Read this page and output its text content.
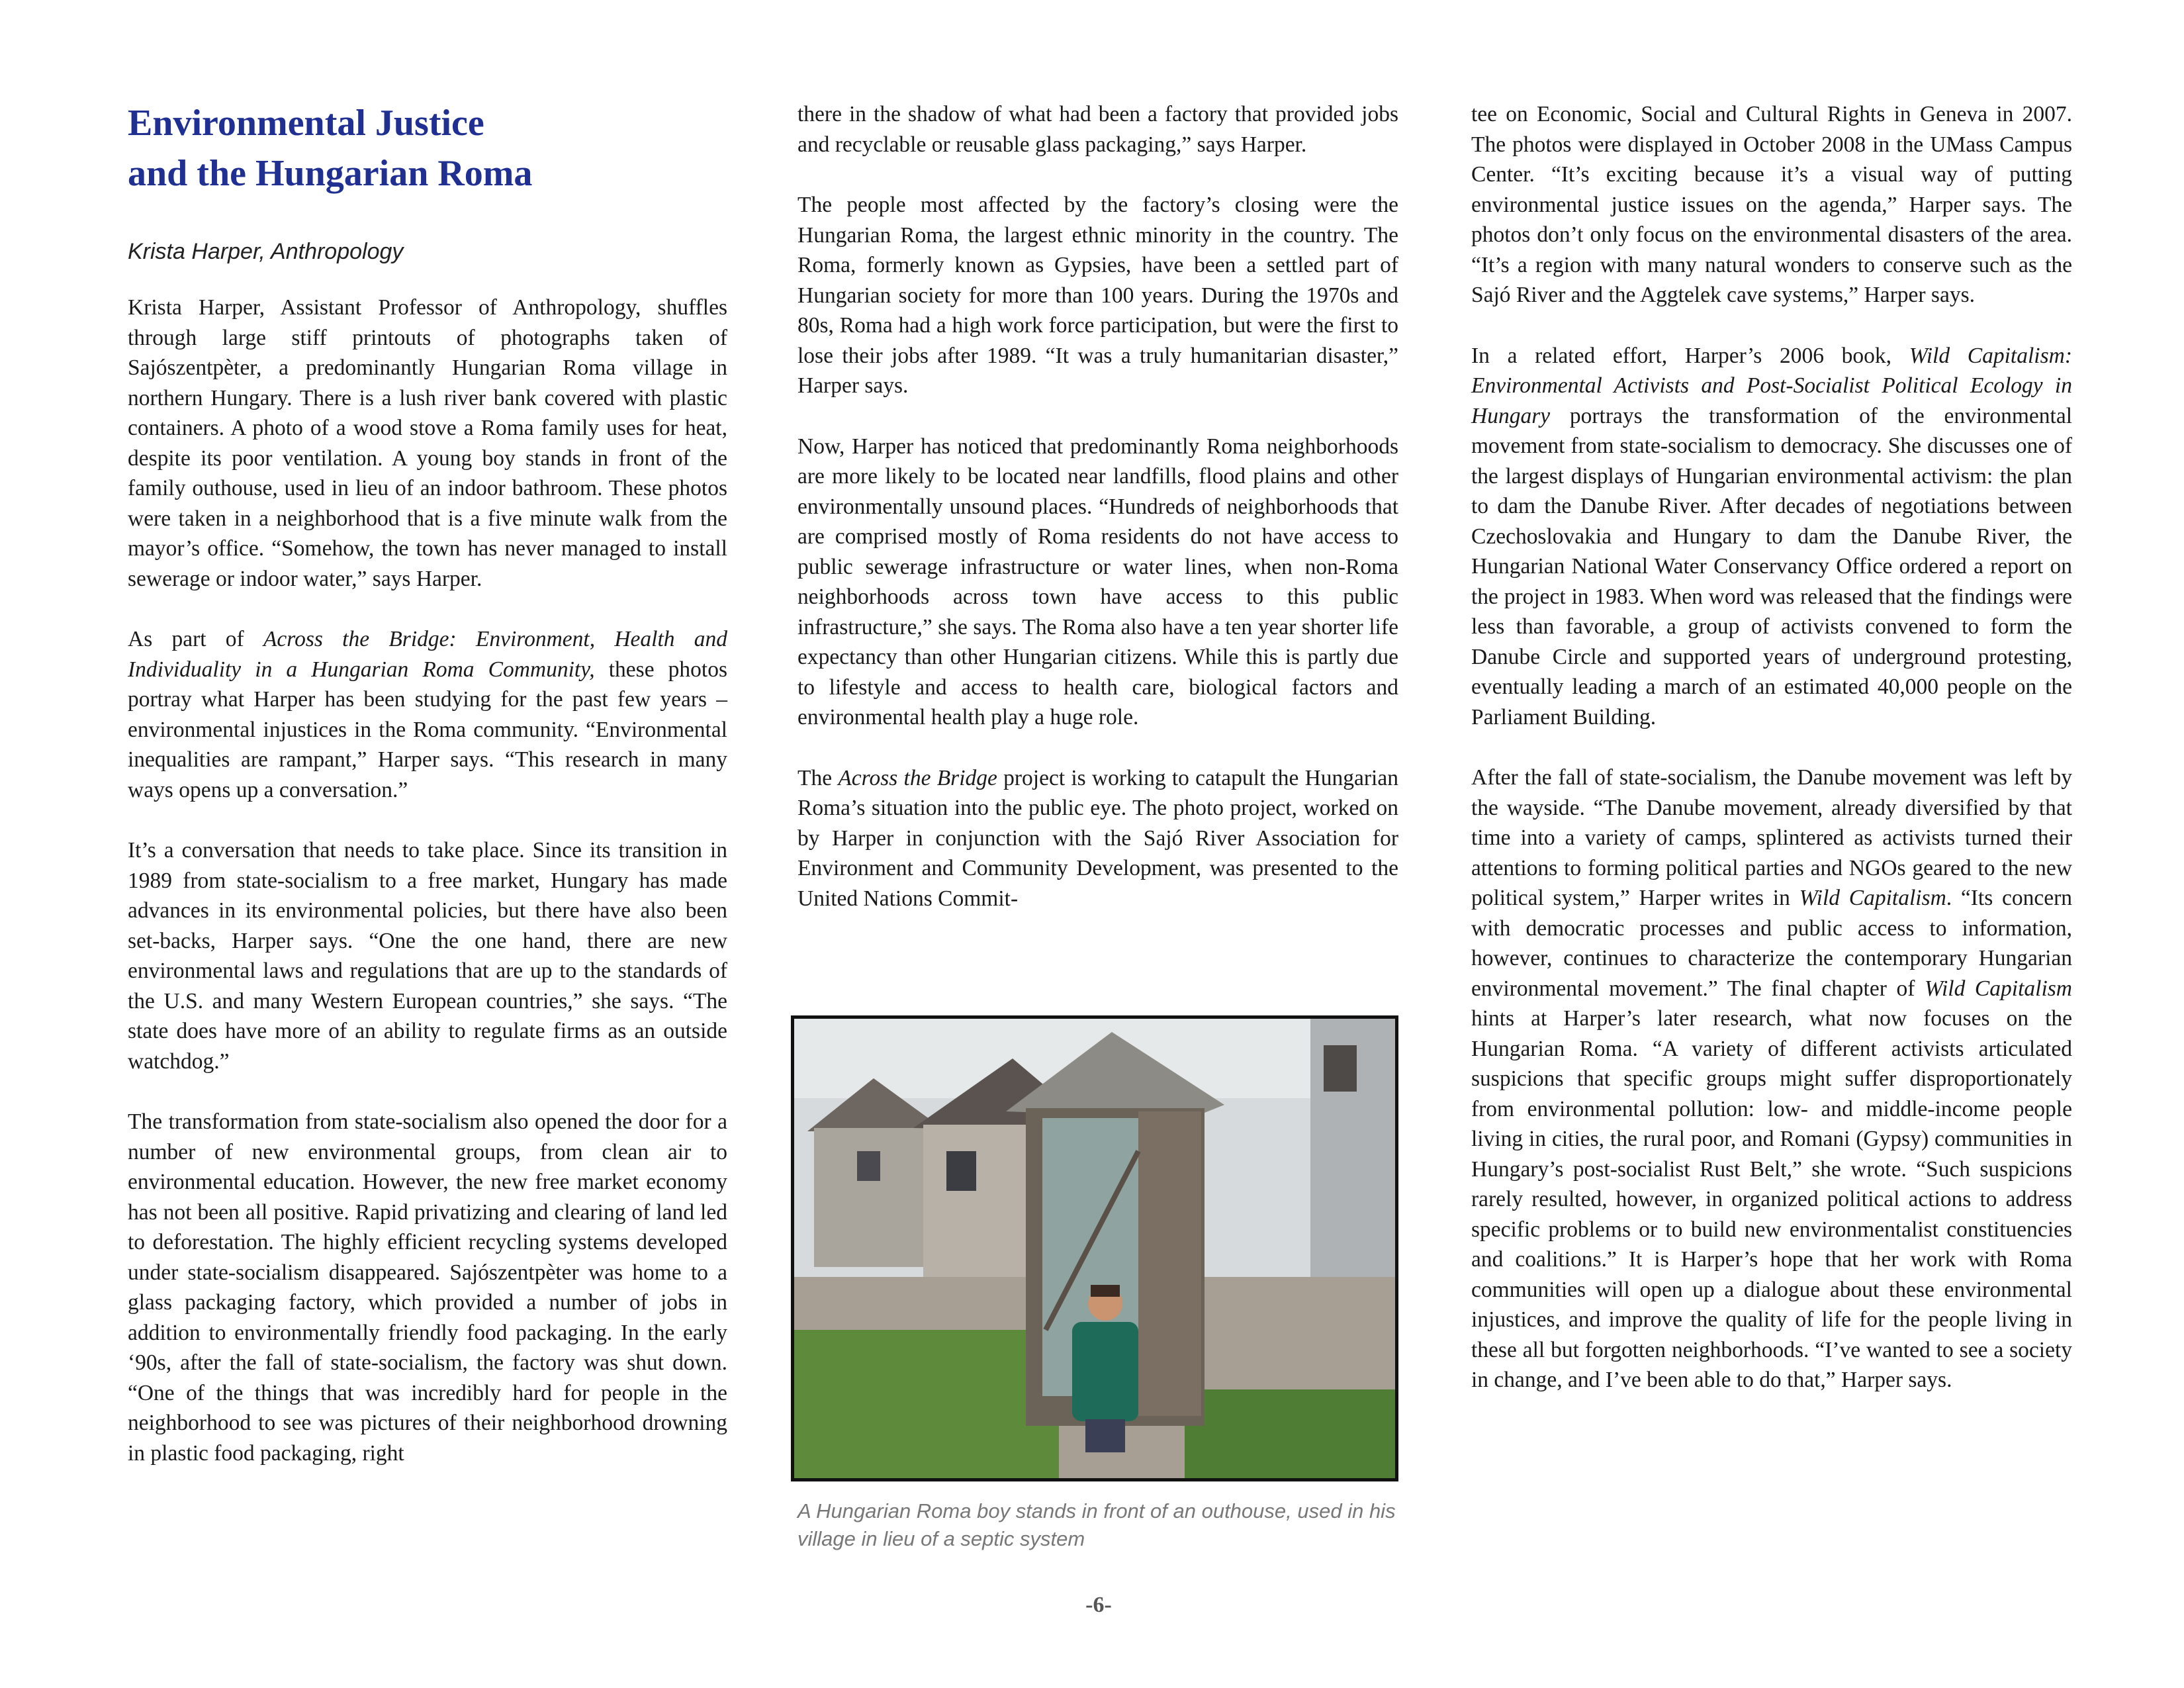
Environmental Justice
and the Hungarian Roma
Krista Harper, Anthropology

Krista Harper, Assistant Professor of Anthropology, shuffles through large stiff printouts of photographs taken of Sajószentpèter, a predominantly Hungarian Roma village in northern Hungary. There is a lush river bank covered with plastic containers. A photo of a wood stove a Roma family uses for heat, despite its poor ventilation. A young boy stands in front of the family outhouse, used in lieu of an indoor bathroom. These photos were taken in a neighborhood that is a five minute walk from the mayor’s office. “Somehow, the town has never managed to install sewerage or indoor water,” says Harper.

As part of Across the Bridge: Environment, Health and Individuality in a Hungarian Roma Community, these photos portray what Harper has been studying for the past few years – environmental injustices in the Roma community. “Environmental inequalities are rampant,” Harper says. “This research in many ways opens up a conversation.”

It’s a conversation that needs to take place. Since its transition in 1989 from state-socialism to a free market, Hungary has made advances in its environmental policies, but there have also been set-backs, Harper says. “One the one hand, there are new environmental laws and regulations that are up to the standards of the U.S. and many Western European countries,” she says. “The state does have more of an ability to regulate firms as an outside watchdog.”

The transformation from state-socialism also opened the door for a number of new environmental groups, from clean air to environmental education. However, the new free market economy has not been all positive. Rapid privatizing and clearing of land led to deforestation. The highly efficient recycling systems developed under state-socialism disappeared. Sajószentpèter was home to a glass packaging factory, which provided a number of jobs in addition to environmentally friendly food packaging. In the early ‘90s, after the fall of state-socialism, the factory was shut down. “One of the things that was incredibly hard for people in the neighborhood to see was pictures of their neighborhood drowning in plastic food packaging, right

there in the shadow of what had been a factory that provided jobs and recyclable or reusable glass packaging,” says Harper.

The people most affected by the factory’s closing were the Hungarian Roma, the largest ethnic minority in the country. The Roma, formerly known as Gypsies, have been a settled part of Hungarian society for more than 100 years. During the 1970s and 80s, Roma had a high work force participation, but were the first to lose their jobs after 1989. “It was a truly humanitarian disaster,” Harper says.

Now, Harper has noticed that predominantly Roma neighborhoods are more likely to be located near landfills, flood plains and other environmentally unsound places. “Hundreds of neighborhoods that are comprised mostly of Roma residents do not have access to public sewerage infrastructure or water lines, when non-Roma neighborhoods across town have access to this public infrastructure,” she says. The Roma also have a ten year shorter life expectancy than other Hungarian citizens. While this is partly due to lifestyle and access to health care, biological factors and environmental health play a huge role.

The Across the Bridge project is working to catapult the Hungarian Roma’s situation into the public eye. The photo project, worked on by Harper in conjunction with the Sajó River Association for Environment and Community Development, was presented to the United Nations Commit-

A Hungarian Roma boy stands in front of an outhouse, used in his village in lieu of a septic system

tee on Economic, Social and Cultural Rights in Geneva in 2007. The photos were displayed in October 2008 in the UMass Campus Center. “It’s exciting because it’s a visual way of putting environmental justice issues on the agenda,” Harper says. The photos don’t only focus on the environmental disasters of the area. “It’s a region with many natural wonders to conserve such as the Sajó River and the Aggtelek cave systems,” Harper says.

In a related effort, Harper’s 2006 book, Wild Capitalism: Environmental Activists and Post-Socialist Political Ecology in Hungary portrays the transformation of the environmental movement from state-socialism to democracy. She discusses one of the largest displays of Hungarian environmental activism: the plan to dam the Danube River. After decades of negotiations between Czechoslovakia and Hungary to dam the Danube River, the Hungarian National Water Conservancy Office ordered a report on the project in 1983. When word was released that the findings were less than favorable, a group of activists convened to form the Danube Circle and supported years of underground protesting, eventually leading a march of an estimated 40,000 people on the Parliament Building.

After the fall of state-socialism, the Danube movement was left by the wayside. “The Danube movement, already diversified by that time into a variety of camps, splintered as activists turned their attentions to forming political parties and NGOs geared to the new political system,” Harper writes in Wild Capitalism. “Its concern with democratic processes and public access to information, however, continues to characterize the contemporary Hungarian environmental movement.” The final chapter of Wild Capitalism hints at Harper’s later research, what now focuses on the Hungarian Roma. “A variety of different activists articulated suspicions that specific groups might suffer disproportionately from environmental pollution: low- and middle-income people living in cities, the rural poor, and Romani (Gypsy) communities in Hungary’s post-socialist Rust Belt,” she wrote. “Such suspicions rarely resulted, however, in organized political actions to address specific problems or to build new environmentalist constituencies and coalitions.” It is Harper’s hope that her work with Roma communities will open up a dialogue about these environmental injustices, and improve the quality of life for the people living in these all but forgotten neighborhoods. “I’ve wanted to see a society in change, and I’ve been able to do that,” Harper says.

-6-
